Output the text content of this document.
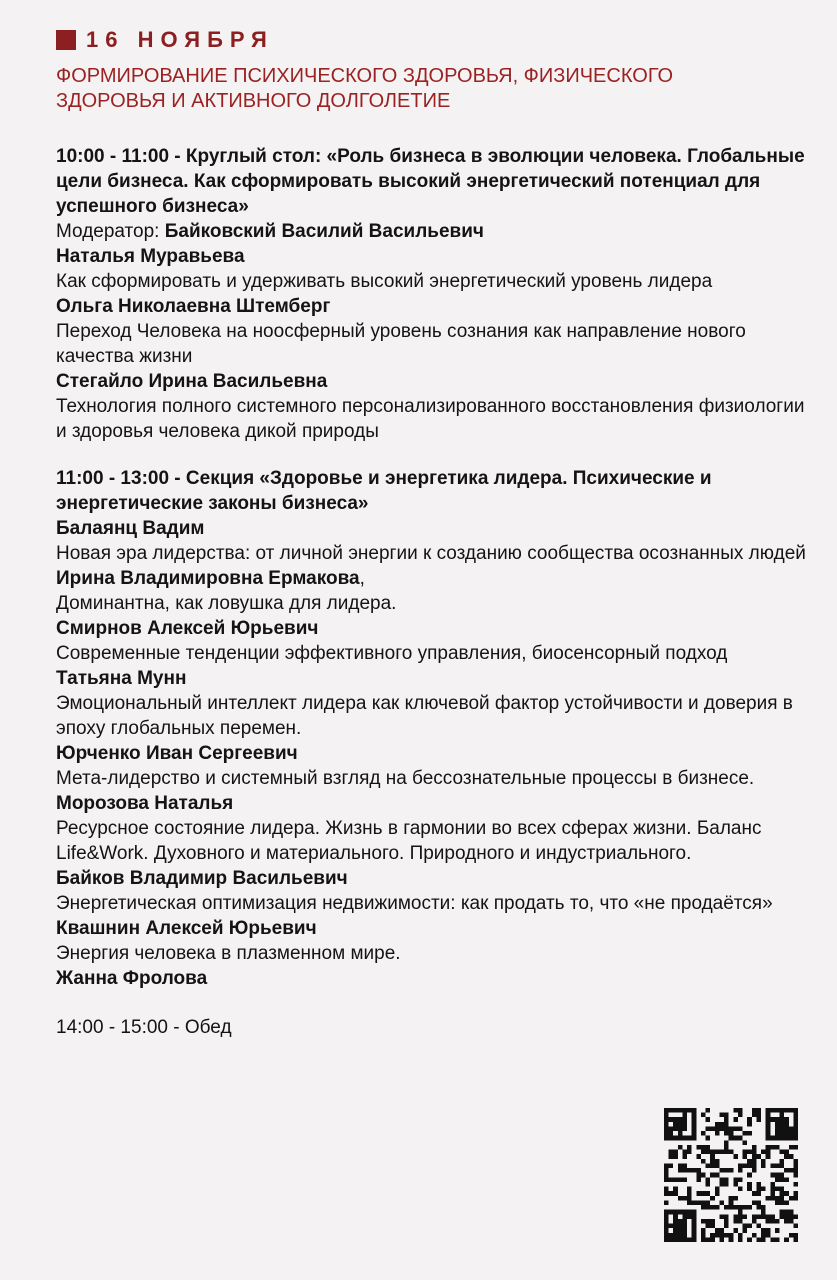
16 НОЯБРЯ
ФОРМИРОВАНИЕ ПСИХИЧЕСКОГО ЗДОРОВЬЯ, ФИЗИЧЕСКОГО ЗДОРОВЬЯ И АКТИВНОГО ДОЛГОЛЕТИЕ
10:00 - 11:00 - Круглый стол: «Роль бизнеса в эволюции человека. Глобальные цели бизнеса. Как сформировать высокий энергетический потенциал для успешного бизнеса»
Модератор: Байковский Василий Васильевич
Наталья Муравьева
Как сформировать и удерживать высокий энергетический уровень лидера
Ольга Николаевна Штемберг
Переход Человека на ноосферный уровень сознания как направление нового качества жизни
Стегайло Ирина Васильевна
Технология полного системного персонализированного восстановления физиологии и здоровья человека дикой природы
11:00 - 13:00 - Секция «Здоровье и энергетика лидера. Психические и энергетические законы бизнеса»
Балаянц Вадим
Новая эра лидерства: от личной энергии к созданию сообщества осознанных людей
Ирина Владимировна Ермакова,
Доминантна, как ловушка для лидера.
Смирнов Алексей Юрьевич
Современные тенденции эффективного управления, биосенсорный подход
Татьяна Мунн
Эмоциональный интеллект лидера как ключевой фактор устойчивости и доверия в эпоху глобальных перемен.
Юрченко Иван Сергеевич
Мета-лидерство и системный взгляд на бессознательные процессы в бизнесе.
Морозова Наталья
Ресурсное состояние лидера. Жизнь в гармонии во всех сферах жизни. Баланс Life&Work. Духовного и материального. Природного и индустриального.
Байков Владимир Васильевич
Энергетическая оптимизация недвижимости: как продать то, что «не продаётся»
Квашнин Алексей Юрьевич
Энергия человека в плазменном мире.
Жанна Фролова
14:00 - 15:00 - Обед
